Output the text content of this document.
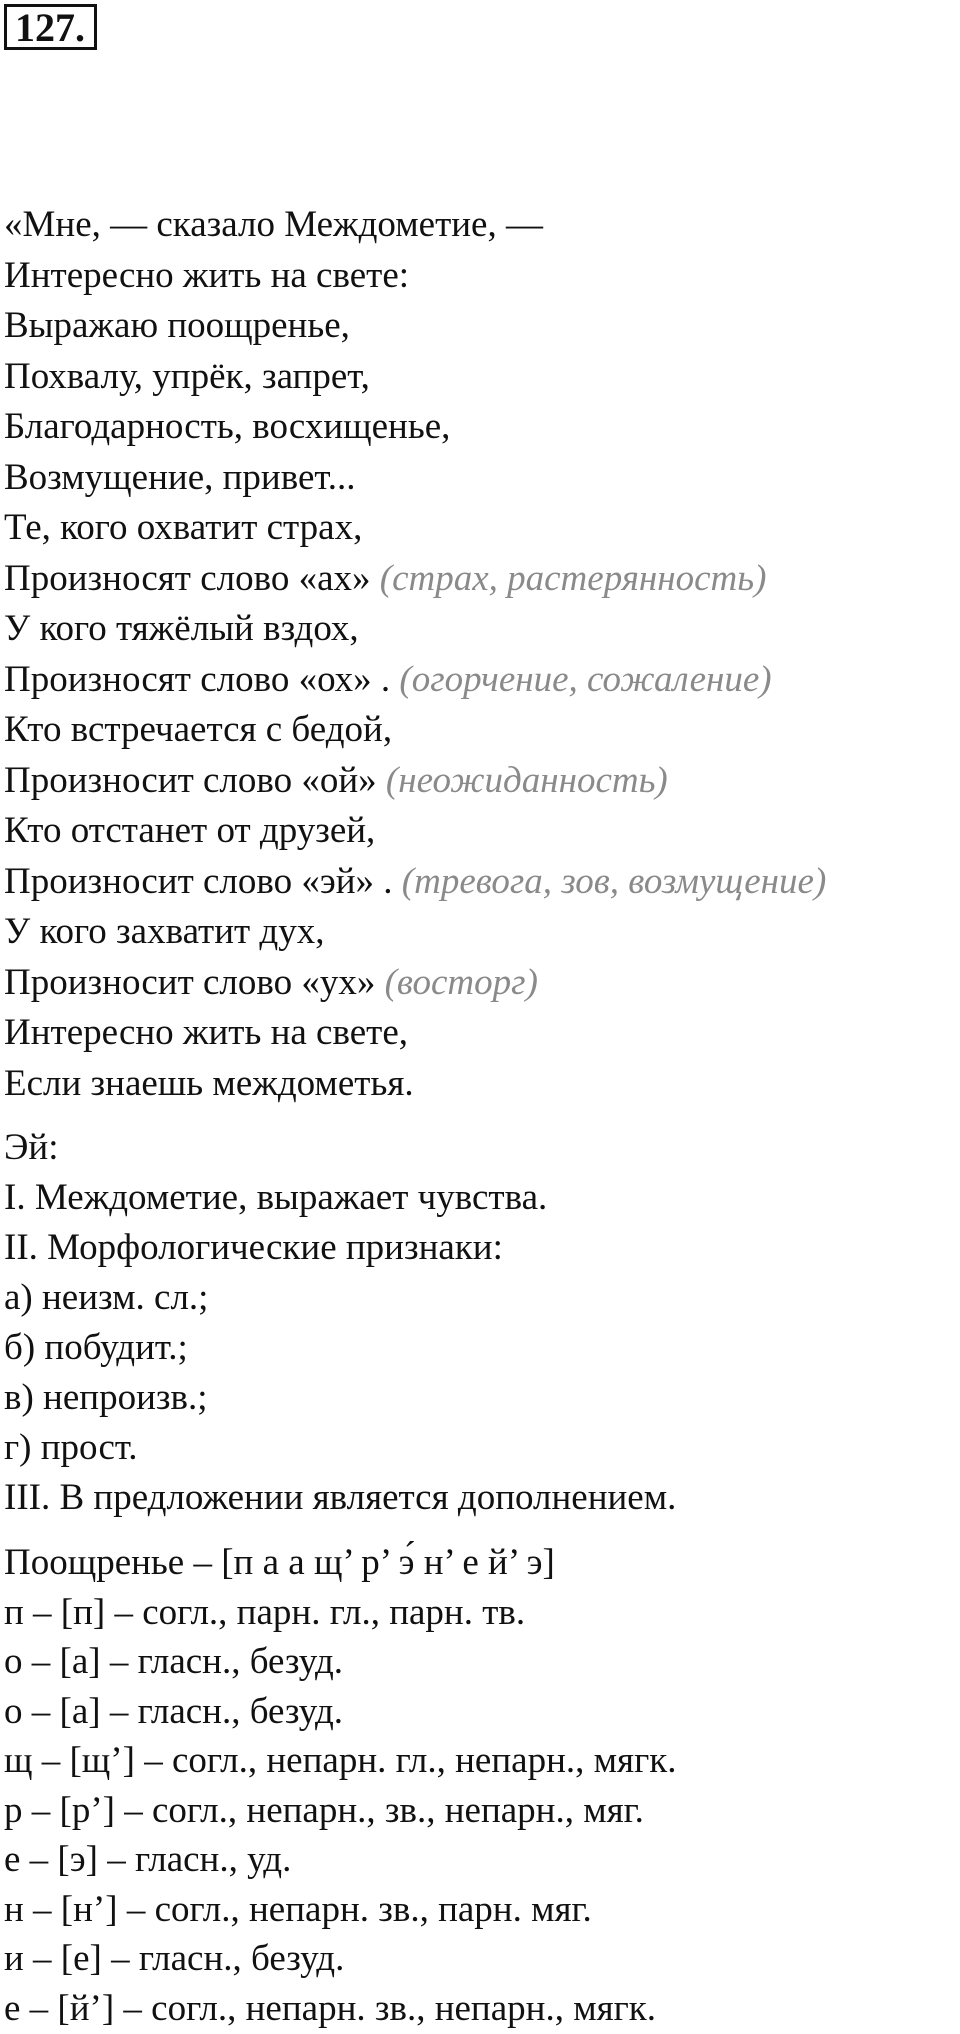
127.
«Мне, — сказало Междометие, —
Интересно жить на свете:
Выражаю поощренье,
Похвалу, упрёк, запрет,
Благодарность, восхищенье,
Возмущение, привет...
Те, кого охватит страх,
Произносят слово «ах» (страх, растерянность)
У кого тяжёлый вздох,
Произносят слово «ох» . (огорчение, сожаление)
Кто встречается с бедой,
Произносит слово «ой» (неожиданность)
Кто отстанет от друзей,
Произносит слово «эй» . (тревога, зов, возмущение)
У кого захватит дух,
Произносит слово «ух» (восторг)
Интересно жить на свете,
Если знаешь междометья.
Эй:
I. Междометие, выражает чувства.
II. Морфологические признаки:
а) неизм. сл.;
б) побудит.;
в) непроизв.;
г) прост.
III. В предложении является дополнением.
Поощренье – [п а а щ’ р’ э́ н’ е й’ э]
п – [п] – согл., парн. гл., парн. тв.
о – [а] – гласн., безуд.
о – [а] – гласн., безуд.
щ – [щ’] – согл., непарн. гл., непарн., мягк.
р – [р’] – согл., непарн., зв., непарн., мяг.
е – [э] – гласн., уд.
н – [н’] – согл., непарн. зв., парн. мяг.
и – [е] – гласн., безуд.
е – [й’] – согл., непарн. зв., непарн., мягк.
